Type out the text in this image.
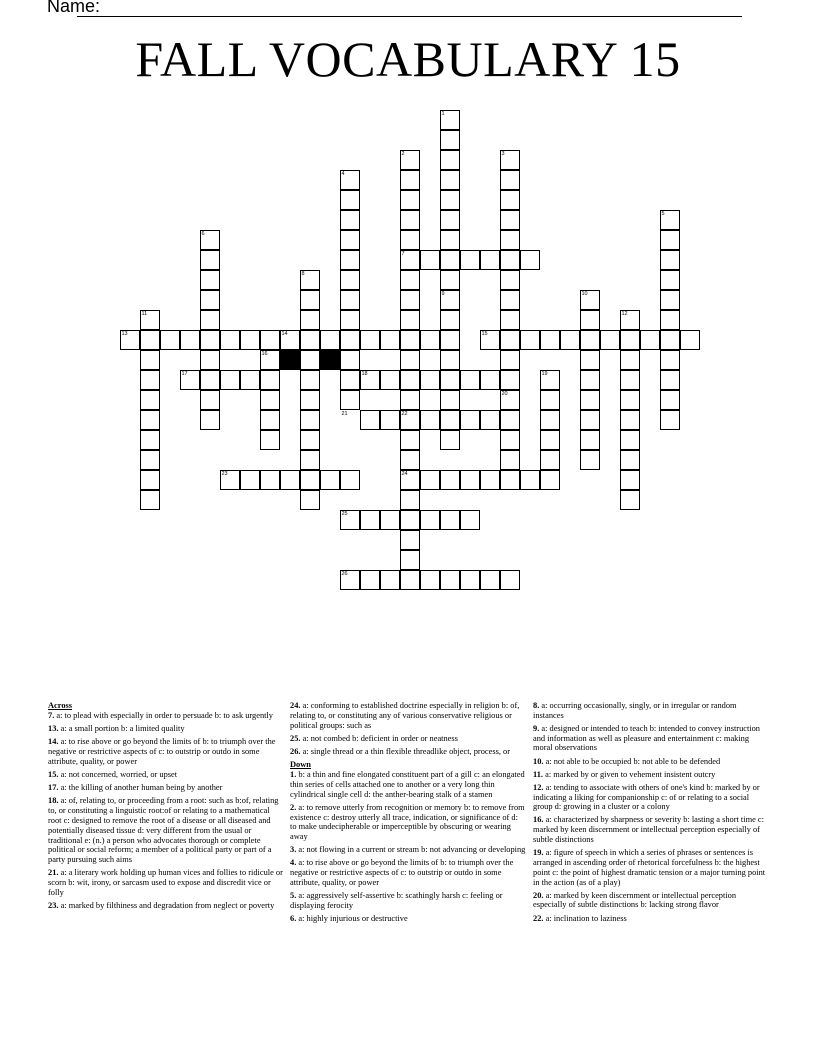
Name:
FALL VOCABULARY 15
1
2	3
4
5
6
7
8
9	10
11	12
13	14	15
16
17	18	19
20
21	22
23	24
25
26
Across
7. a: to plead with especially in order to persuade b: to ask urgently
13. a: a small portion b: a limited quality
14. a: to rise above or go beyond the limits of b: to triumph over the negative or restrictive aspects of c: to outstrip or outdo in some attribute, quality, or power
15. a: not concerned, worried, or upset
17. a: the killing of another human being by another
18. a: of, relating to, or proceeding from a root: such as b:of, relating to, or constituting a linguistic root:of or relating to a mathematical root c: designed to remove the root of a disease or all diseased and potentially diseased tissue d: very different from the usual or traditional e: (n.) a person who advocates thorough or complete political or social reform; a member of a political party or part of a party pursuing such aims
21. a: a literary work holding up human vices and follies to ridicule or scorn b: wit, irony, or sarcasm used to expose and discredit vice or folly
23. a: marked by filthiness and degradation from neglect or poverty
24. a: conforming to established doctrine especially in religion b: of, relating to, or constituting any of various conservative religious or political groups: such as
25. a: not combed b: deficient in order or neatness
26. a: single thread or a thin flexible threadlike object, process, or
Down
1. b: a thin and fine elongated constituent part of a gill c: an elongated thin series of cells attached one to another or a very long thin cylindrical single cell d: the anther-bearing stalk of a stamen
2. a: to remove utterly from recognition or memory b: to remove from existence c: destroy utterly all trace, indication, or significance of d: to make undecipherable or imperceptible by obscuring or wearing away
3. a: not flowing in a current or stream b: not advancing or developing
4. a: to rise above or go beyond the limits of b: to triumph over the negative or restrictive aspects of c: to outstrip or outdo in some attribute, quality, or power
5. a: aggressively self-assertive b: scathingly harsh c: feeling or displaying ferocity
6. a: highly injurious or destructive
8. a: occurring occasionally, singly, or in irregular or random instances
9. a: designed or intended to teach b: intended to convey instruction and information as well as pleasure and entertainment c: making moral observations
10. a: not able to be occupied b: not able to be defended
11. a: marked by or given to vehement insistent outcry
12. a: tending to associate with others of one's kind b: marked by or indicating a liking for companionship c: of or relating to a social group d: growing in a cluster or a colony
16. a: characterized by sharpness or severity b: lasting a short time c: marked by keen discernment or intellectual perception especially of subtle distinctions
19. a: figure of speech in which a series of phrases or sentences is arranged in ascending order of rhetorical forcefulness b: the highest point c: the point of highest dramatic tension or a major turning point in the action (as of a play)
20. a: marked by keen discernment or intellectual perception especially of subtle distinctions b: lacking strong flavor
22. a: inclination to laziness
